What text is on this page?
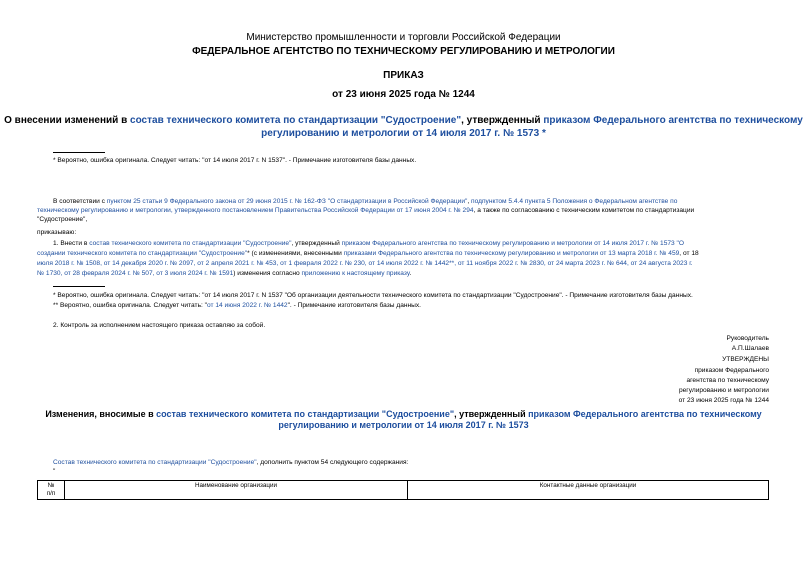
Министерство промышленности и торговли Российской Федерации
ФЕДЕРАЛЬНОЕ АГЕНТСТВО ПО ТЕХНИЧЕСКОМУ РЕГУЛИРОВАНИЮ И МЕТРОЛОГИИ
ПРИКАЗ
от 23 июня 2025 года № 1244
О внесении изменений в состав технического комитета по стандартизации "Судостроение", утвержденный приказом Федерального агентства по техническому
регулированию и метрологии от 14 июля 2017 г. № 1573 *
* Вероятно, ошибка оригинала. Следует читать: "от 14 июля 2017 г. N 1537". - Примечание изготовителя базы данных.
В соответствии с пунктом 25 статьи 9 Федерального закона от 29 июня 2015 г. № 162-ФЗ "О стандартизации в Российской Федерации", подпунктом 5.4.4 пункта 5 Положения о Федеральном агентстве по
техническому регулированию и метрологии, утвержденного постановлением Правительства Российской Федерации от 17 июня 2004 г. № 294, а также по согласованию с техническим комитетом по стандартизации
"Судостроение",
приказываю:
1. Внести в состав технического комитета по стандартизации "Судостроение", утвержденный приказом Федерального агентства по техническому регулированию и метрологии от 14 июля 2017 г. № 1573 "О
создании технического комитета по стандартизации "Судостроение"* (с изменениями, внесенными приказами Федерального агентства по техническому регулированию и метрологии от 13 марта 2018 г. № 459, от 18
июля 2018 г. № 1508, от 14 декабря 2020 г. № 2097, от 2 апреля 2021 г. № 453, от 1 февраля 2022 г. № 230, от 14 июля 2022 г. № 1442**, от 11 ноября 2022 г. № 2830, от 24 марта 2023 г. № 644, от 24 августа 2023 г.
№ 1730, от 28 февраля 2024 г. № 507, от 3 июля 2024 г. № 1591) изменения согласно приложению к настоящему приказу.
* Вероятно, ошибка оригинала. Следует читать: "от 14 июля 2017 г. N 1537 "Об организации деятельности технического комитета по стандартизации "Судостроение". - Примечание изготовителя базы данных.
** Вероятно, ошибка оригинала. Следует читать: "от 14 июня 2022 г. № 1442". - Примечание изготовителя базы данных.
2. Контроль за исполнением настоящего приказа оставляю за собой.
Руководитель
А.П.Шалаев
УТВЕРЖДЕНЫ
приказом Федерального
агентства по техническому
регулированию и метрологии
от 23 июня 2025 года № 1244
Изменения, вносимые в состав технического комитета по стандартизации "Судостроение", утвержденный приказом Федерального агентства по техническому
регулированию и метрологии от 14 июля 2017 г. № 1573
Состав технического комитета по стандартизации "Судостроение", дополнить пунктом 54 следующего содержания:
"
№
п/п
	Наименование организации	Контактные данные организации
